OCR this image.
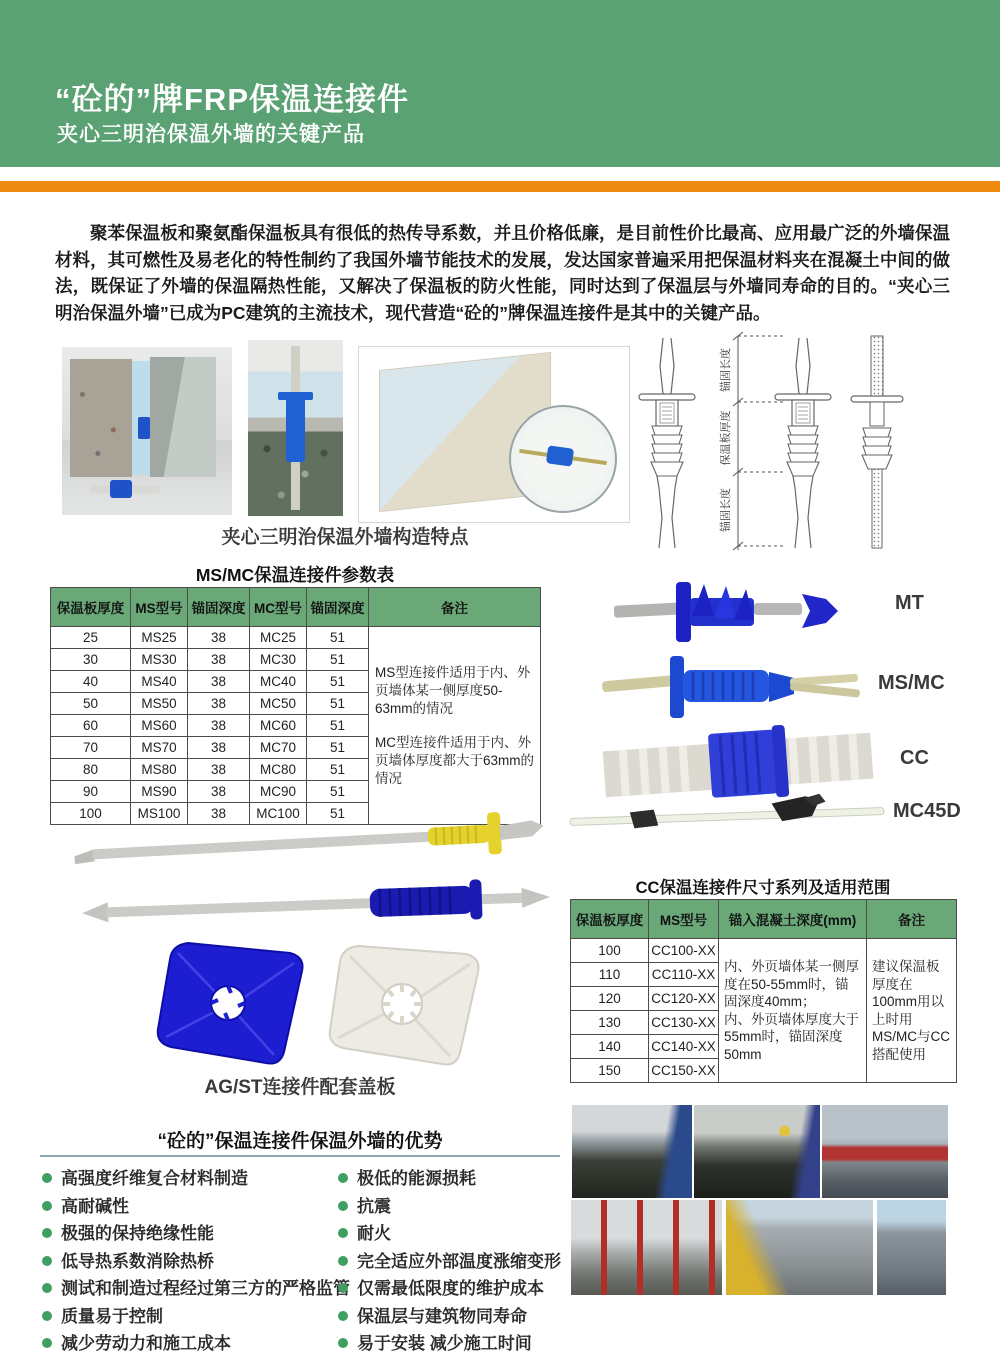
“砼的”牌FRP保温连接件
夹心三明治保温外墙的关键产品
聚苯保温板和聚氨酯保温板具有很低的热传导系数，并且价格低廉，是目前性价比最高、应用最广泛的外墙保温材料，其可燃性及易老化的特性制约了我国外墙节能技术的发展，发达国家普遍采用把保温材料夹在混凝土中间的做法，既保证了外墙的保温隔热性能，又解决了保温板的防火性能，同时达到了保温层与外墙同寿命的目的。“夹心三明治保温外墙”已成为PC建筑的主流技术，现代营造“砼的”牌保温连接件是其中的关键产品。
夹心三明治保温外墙构造特点
锚固长度
保温板厚度
锚固长度
MS/MC保温连接件参数表
保温板厚度	MS型号	锚固深度	MC型号	锚固深度	备注
25	MS25	38	MC25	51	MS型连接件适用于内、外页墙体某一侧厚度50-63mm的情况
MC型连接件适用于内、外页墙体厚度都大于63mm的情况

30	MS30	38	MC30	51	
40	MS40	38	MC40	51	
50	MS50	38	MC50	51	
60	MS60	38	MC60	51	
70	MS70	38	MC70	51	
80	MS80	38	MC80	51	
90	MS90	38	MC90	51	
100	MS100	38	MC100	51	
MT
MS/MC
CC
MC45D
AG/ST连接件配套盖板
CC保温连接件尺寸系列及适用范围
保温板厚度	MS型号	锚入混凝土深度(mm)	备注
100	CC100-XX	内、外页墙体某一侧厚度在50-55mm时，锚固深度40mm；
内、外页墙体厚度大于55mm时，锚固深度50mm	建议保温板厚度在100mm用以上时用MS/MC与CC搭配使用
110	CC110-XX		
120	CC120-XX		
130	CC130-XX		
140	CC140-XX		
150	CC150-XX		
“砼的”保温连接件保温外墙的优势
高强度纤维复合材料制造
高耐碱性
极强的保持绝缘性能
低导热系数消除热桥
测试和制造过程经过第三方的严格监管
质量易于控制
减少劳动力和施工成本
极低的能源损耗
抗震
耐火
完全适应外部温度涨缩变形
仅需最低限度的维护成本
保温层与建筑物同寿命
易于安装 减少施工时间
